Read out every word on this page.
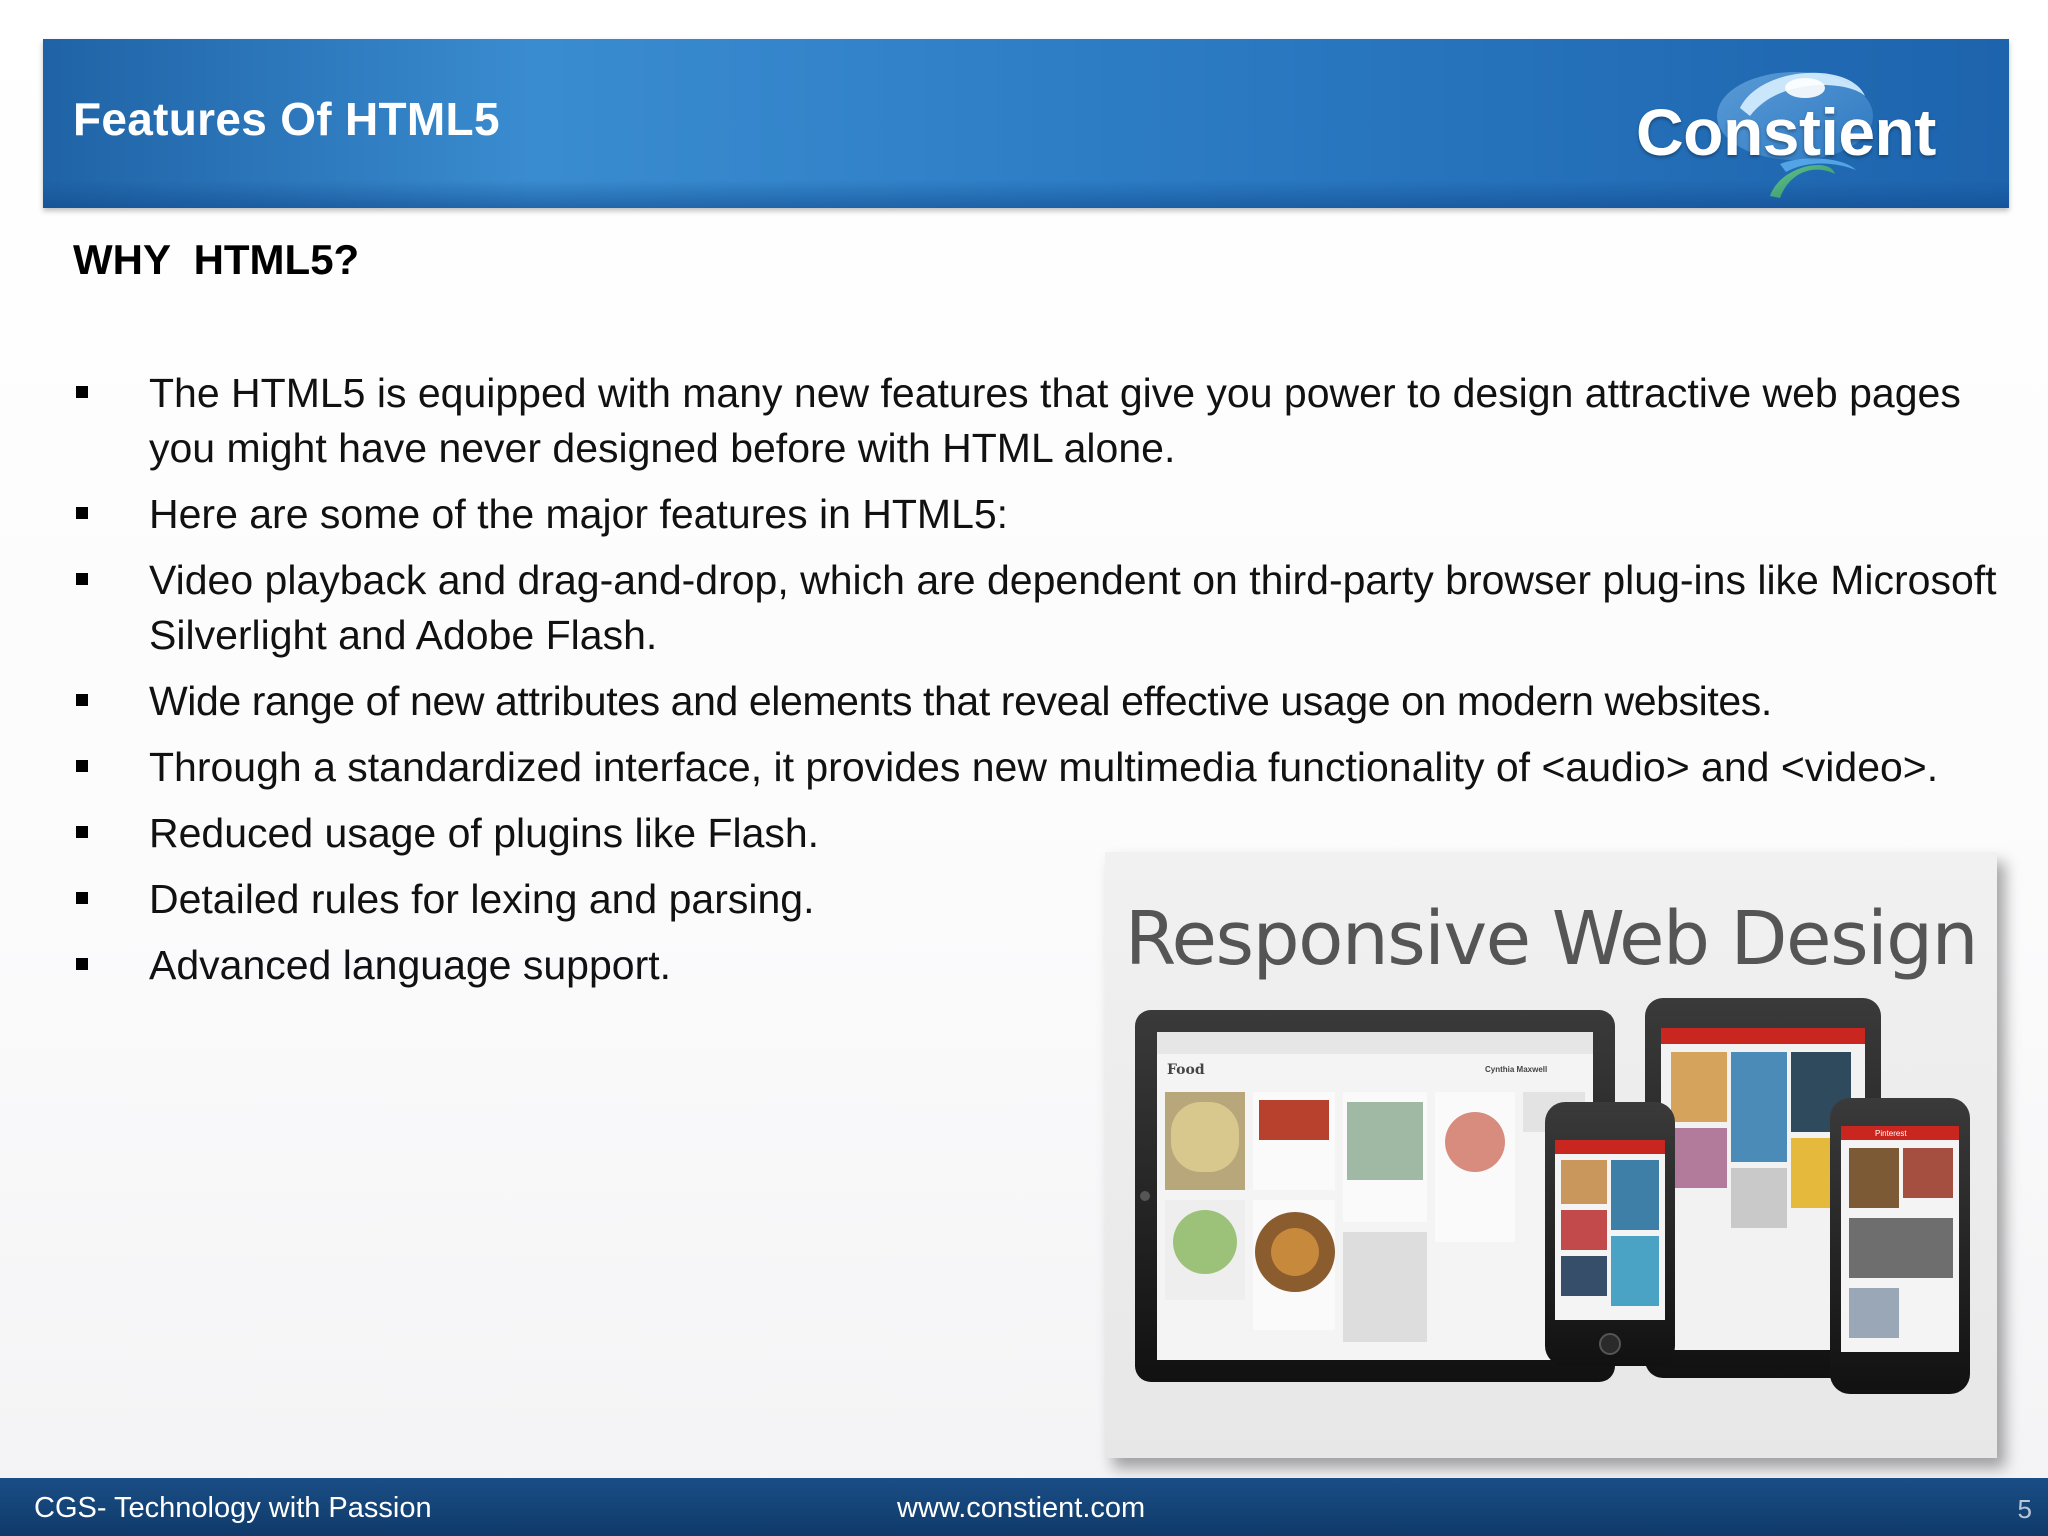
Features Of HTML5	Constient
WHY  HTML5?
The HTML5 is equipped with many new features that give you power to design attractive web pages you might have never designed before with HTML alone.
Here are some of the major features in HTML5:
Video playback and drag-and-drop, which are dependent on third-party browser plug-ins like Microsoft Silverlight and Adobe Flash.
Wide range of new attributes and elements that reveal effective usage on modern websites.
Through a standardized interface, it provides new multimedia functionality of <audio> and <video>.
Reduced usage of plugins like Flash.
Detailed rules for lexing and parsing.
Advanced language support.	Responsive Web Design
Food	Cynthia Maxwell
Pinterest
CGS- Technology with Passion	www.constient.com	5
